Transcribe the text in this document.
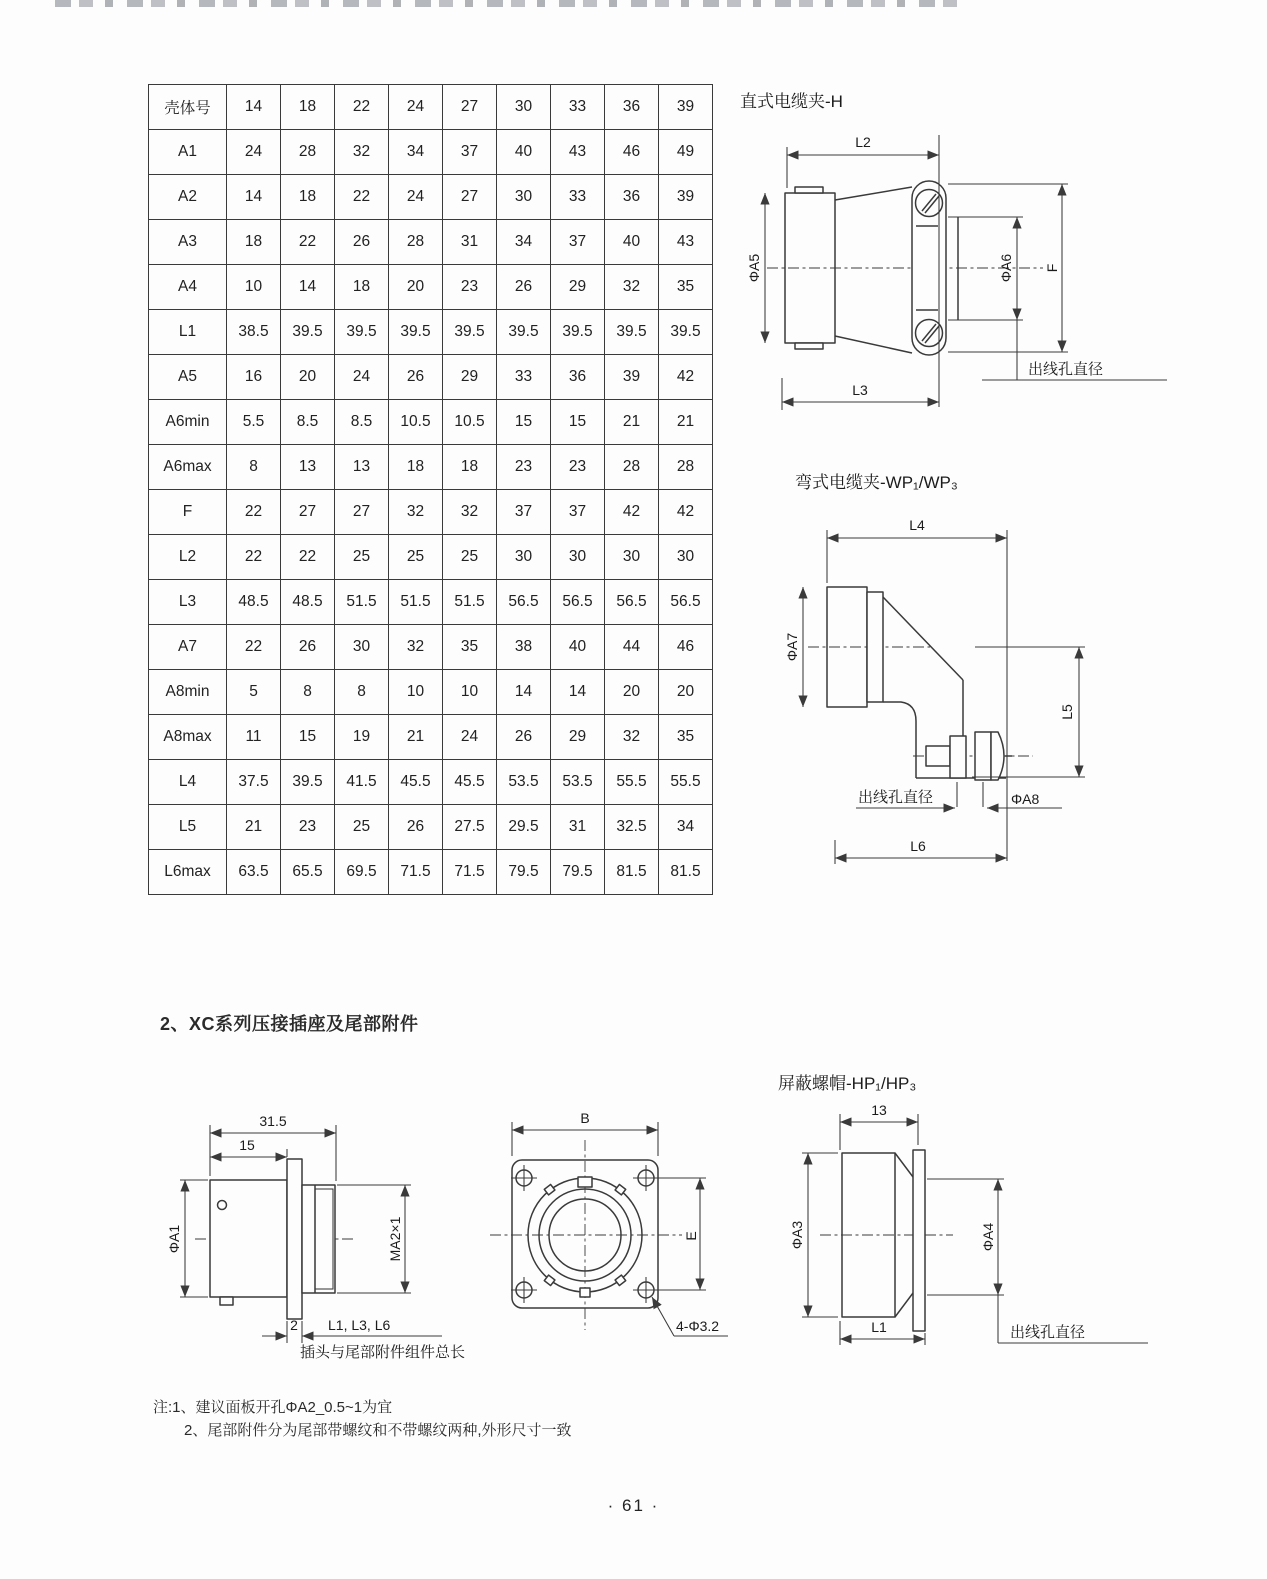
壳体号	14	18	22	24	27	30	33	36	39
A1	24	28	32	34	37	40	43	46	49
A2	14	18	22	24	27	30	33	36	39
A3	18	22	26	28	31	34	37	40	43
A4	10	14	18	20	23	26	29	32	35
L1	38.5	39.5	39.5	39.5	39.5	39.5	39.5	39.5	39.5
A5	16	20	24	26	29	33	36	39	42
A6min	5.5	8.5	8.5	10.5	10.5	15	15	21	21
A6max	8	13	13	18	18	23	23	28	28
F	22	27	27	32	32	37	37	42	42
L2	22	22	25	25	25	30	30	30	30
L3	48.5	48.5	51.5	51.5	51.5	56.5	56.5	56.5	56.5
A7	22	26	30	32	35	38	40	44	46
A8min	5	8	8	10	10	14	14	20	20
A8max	11	15	19	21	24	26	29	32	35
L4	37.5	39.5	41.5	45.5	45.5	53.5	53.5	55.5	55.5
L5	21	23	25	26	27.5	29.5	31	32.5	34
L6max	63.5	65.5	69.5	71.5	71.5	79.5	79.5	81.5	81.5
直式电缆夹-H
L2
ΦA5	ΦA6 F
L3
出线孔直径
弯式电缆夹-WP₁/WP₃
L4
ΦA7
L5
L6
出线孔直径	ΦA8
2、XC系列压接插座及尾部附件
31.5
15
ΦA1	MA2×1
2 L1, L3, L6
插头与尾部附件组件总长
B
E
4-Φ3.2
屏蔽螺帽-HP₁/HP₃
13
ΦA3	ΦA4
L1	出线孔直径
注:1、建议面板开孔ΦA2_0.5~1为宜
2、尾部附件分为尾部带螺纹和不带螺纹两种,外形尺寸一致
· 61 ·
